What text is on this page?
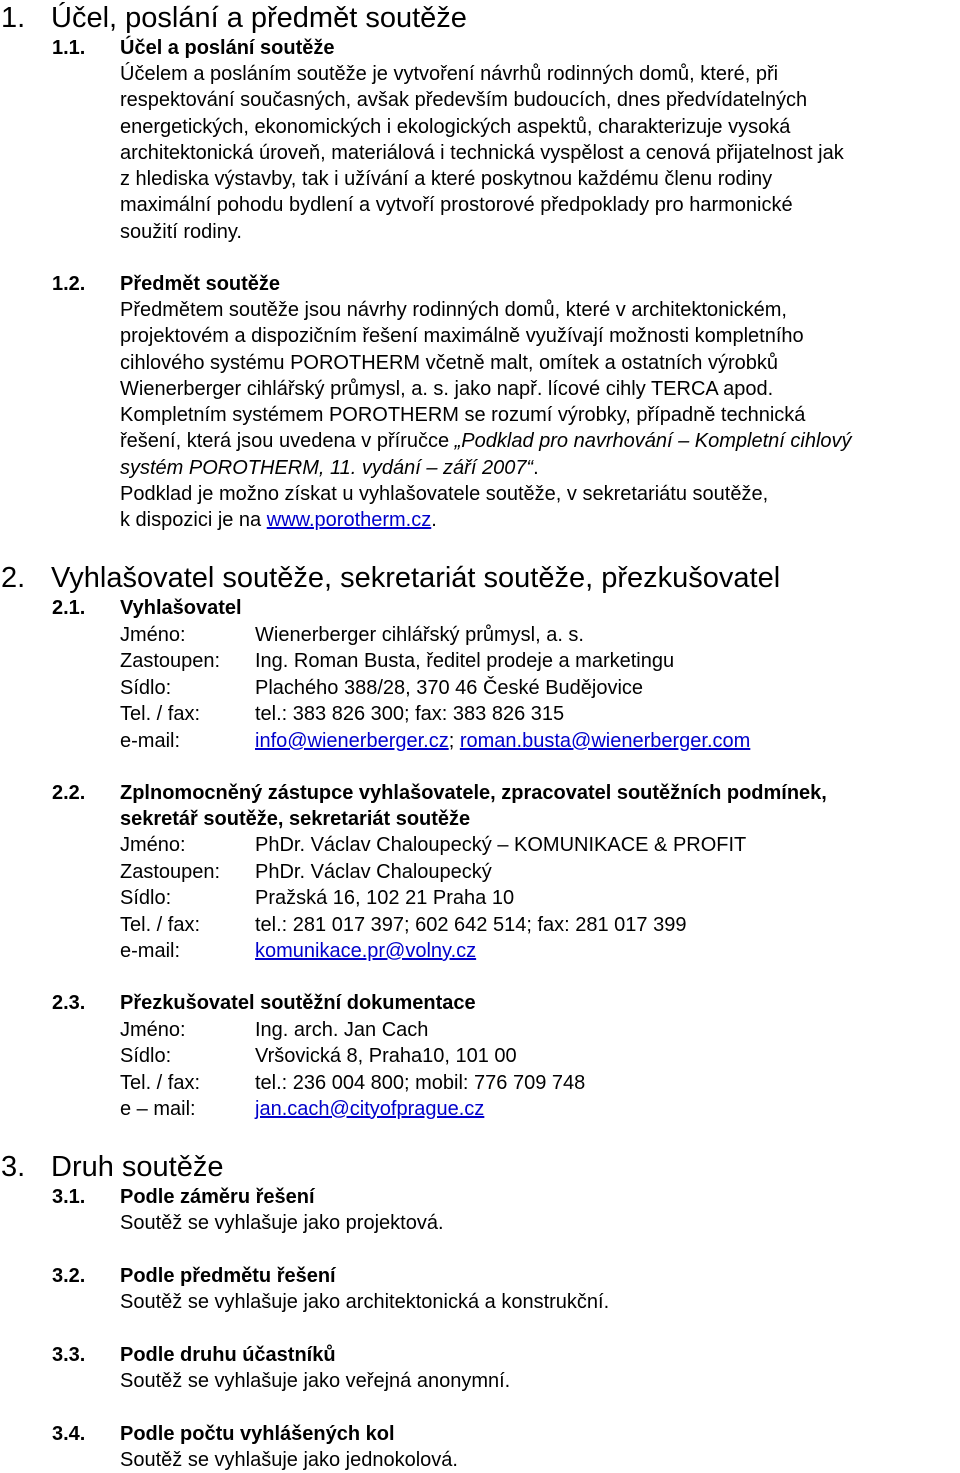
1. Účel, poslání a předmět soutěže
1.1. Účel a poslání soutěže
Účelem a posláním soutěže je vytvoření návrhů rodinných domů, které, při
respektování současných, avšak především budoucích, dnes předvídatelných
energetických, ekonomických i ekologických aspektů, charakterizuje vysoká
architektonická úroveň, materiálová i technická vyspělost a cenová přijatelnost jak
z hlediska výstavby, tak i užívání a které poskytnou každému členu rodiny
maximální pohodu bydlení a vytvoří prostorové předpoklady pro harmonické
soužití rodiny.
1.2. Předmět soutěže
Předmětem soutěže jsou návrhy rodinných domů, které v architektonickém,
projektovém a dispozičním řešení maximálně využívají možnosti kompletního
cihlového systému POROTHERM včetně malt, omítek a ostatních výrobků
Wienerberger cihlářský průmysl, a. s. jako např. lícové cihly TERCA apod.
Kompletním systémem POROTHERM se rozumí výrobky, případně technická
řešení, která jsou uvedena v příručce „Podklad pro navrhování – Kompletní cihlový
systém POROTHERM, 11. vydání – září 2007“.
Podklad je možno získat u vyhlašovatele soutěže, v sekretariátu soutěže,
k dispozici je na www.porotherm.cz.
2. Vyhlašovatel soutěže, sekretariát soutěže, přezkušovatel
2.1. Vyhlašovatel
Jméno:	Wienerberger cihlářský průmysl, a. s.
Zastoupen: Ing. Roman Busta, ředitel prodeje a marketingu
Sídlo:	Plachého 388/28, 370 46 České Budějovice
Tel. / fax:	tel.: 383 826 300; fax: 383 826 315
e-mail:	info@wienerberger.cz; roman.busta@wienerberger.com
2.2. Zplnomocněný zástupce vyhlašovatele, zpracovatel soutěžních podmínek,
sekretář soutěže, sekretariát soutěže
Jméno:	PhDr. Václav Chaloupecký – KOMUNIKACE & PROFIT
Zastoupen: PhDr. Václav Chaloupecký
Sídlo:	Pražská 16, 102 21 Praha 10
Tel. / fax:	tel.: 281 017 397; 602 642 514; fax: 281 017 399
e-mail:	komunikace.pr@volny.cz
2.3. Přezkušovatel soutěžní dokumentace
Jméno:	Ing. arch. Jan Cach
Sídlo:	Vršovická 8, Praha10, 101 00
Tel. / fax:	tel.: 236 004 800; mobil: 776 709 748
e – mail:	jan.cach@cityofprague.cz
3. Druh soutěže
3.1. Podle záměru řešení
Soutěž se vyhlašuje jako projektová.
3.2. Podle předmětu řešení
Soutěž se vyhlašuje jako architektonická a konstrukční.
3.3. Podle druhu účastníků
Soutěž se vyhlašuje jako veřejná anonymní.
3.4. Podle počtu vyhlášených kol
Soutěž se vyhlašuje jako jednokolová.
